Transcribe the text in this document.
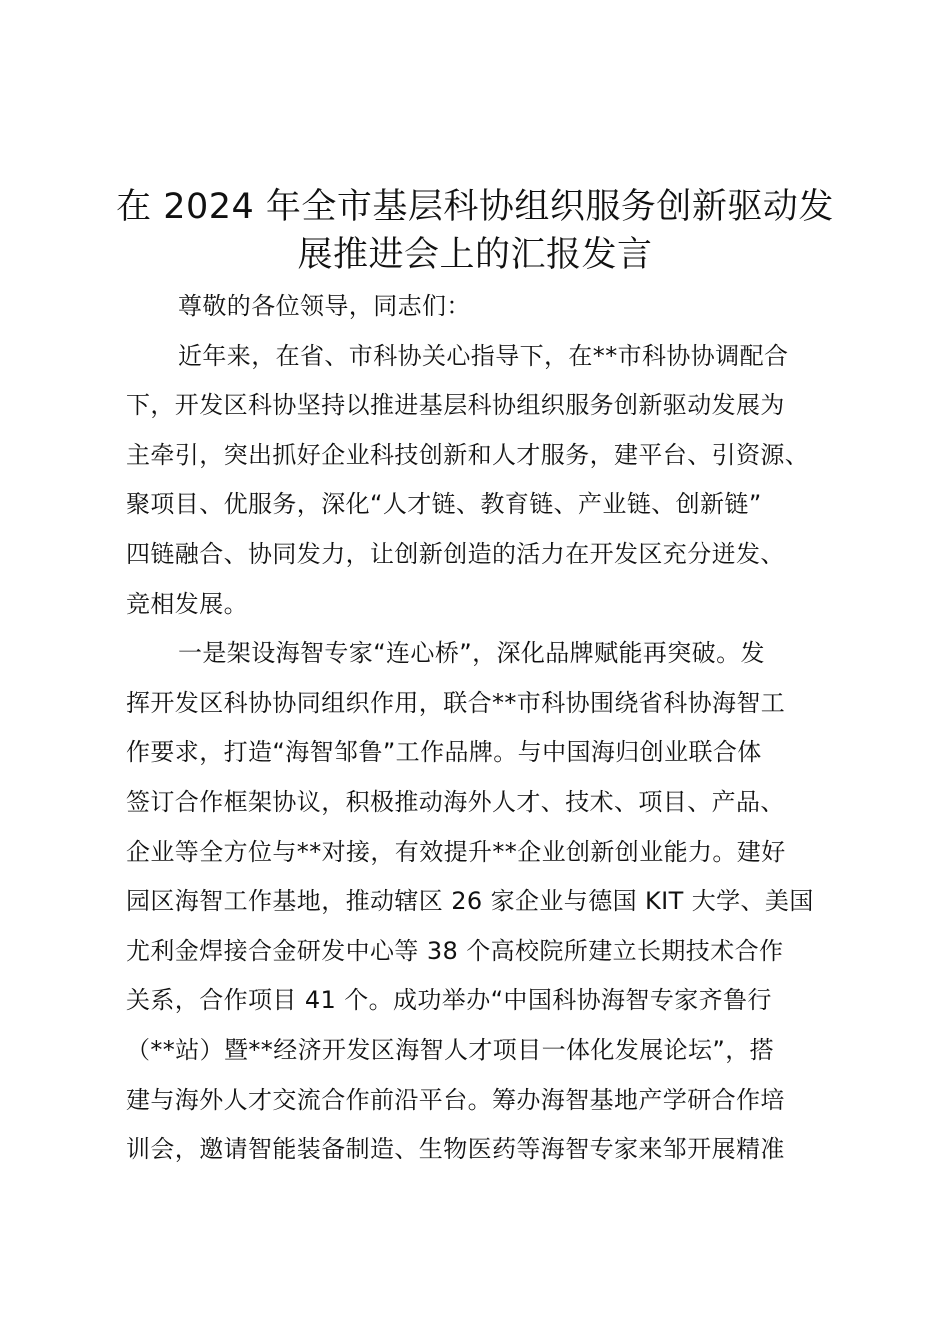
在 2024 年全市基层科协组织服务创新驱动发
展推进会上的汇报发言
尊敬的各位领导，同志们：
近年来，在省、市科协关心指导下，在**市科协协调配合
下，开发区科协坚持以推进基层科协组织服务创新驱动发展为
主牵引，突出抓好企业科技创新和人才服务，建平台、引资源、
聚项目、优服务，深化“人才链、教育链、产业链、创新链”
四链融合、协同发力，让创新创造的活力在开发区充分迸发、
竞相发展。
一是架设海智专家“连心桥”，深化品牌赋能再突破。发
挥开发区科协协同组织作用，联合**市科协围绕省科协海智工
作要求，打造“海智邹鲁”工作品牌。与中国海归创业联合体
签订合作框架协议，积极推动海外人才、技术、项目、产品、
企业等全方位与**对接，有效提升**企业创新创业能力。建好
园区海智工作基地，推动辖区 26 家企业与德国 KIT 大学、美国
尤利金焊接合金研发中心等 38 个高校院所建立长期技术合作
关系，合作项目 41 个。成功举办“中国科协海智专家齐鲁行
（**站）暨**经济开发区海智人才项目一体化发展论坛”，搭
建与海外人才交流合作前沿平台。筹办海智基地产学研合作培
训会，邀请智能装备制造、生物医药等海智专家来邹开展精准
